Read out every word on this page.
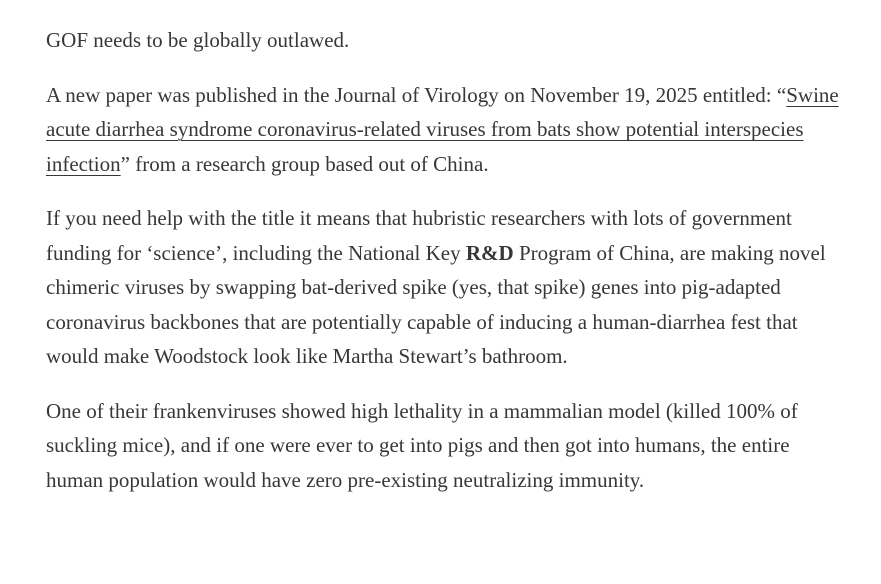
GOF needs to be globally outlawed.

A new paper was published in the Journal of Virology on November 19, 2025 entitled: “Swine acute diarrhea syndrome coronavirus-related viruses from bats show potential interspecies infection” from a research group based out of China.

If you need help with the title it means that hubristic researchers with lots of government funding for ‘science’, including the National Key R&D Program of China, are making novel chimeric viruses by swapping bat-derived spike (yes, that spike) genes into pig-adapted coronavirus backbones that are potentially capable of inducing a human-diarrhea fest that would make Woodstock look like Martha Stewart’s bathroom.

One of their frankenviruses showed high lethality in a mammalian model (killed 100% of suckling mice), and if one were ever to get into pigs and then got into humans, the entire human population would have zero pre-existing neutralizing immunity.
